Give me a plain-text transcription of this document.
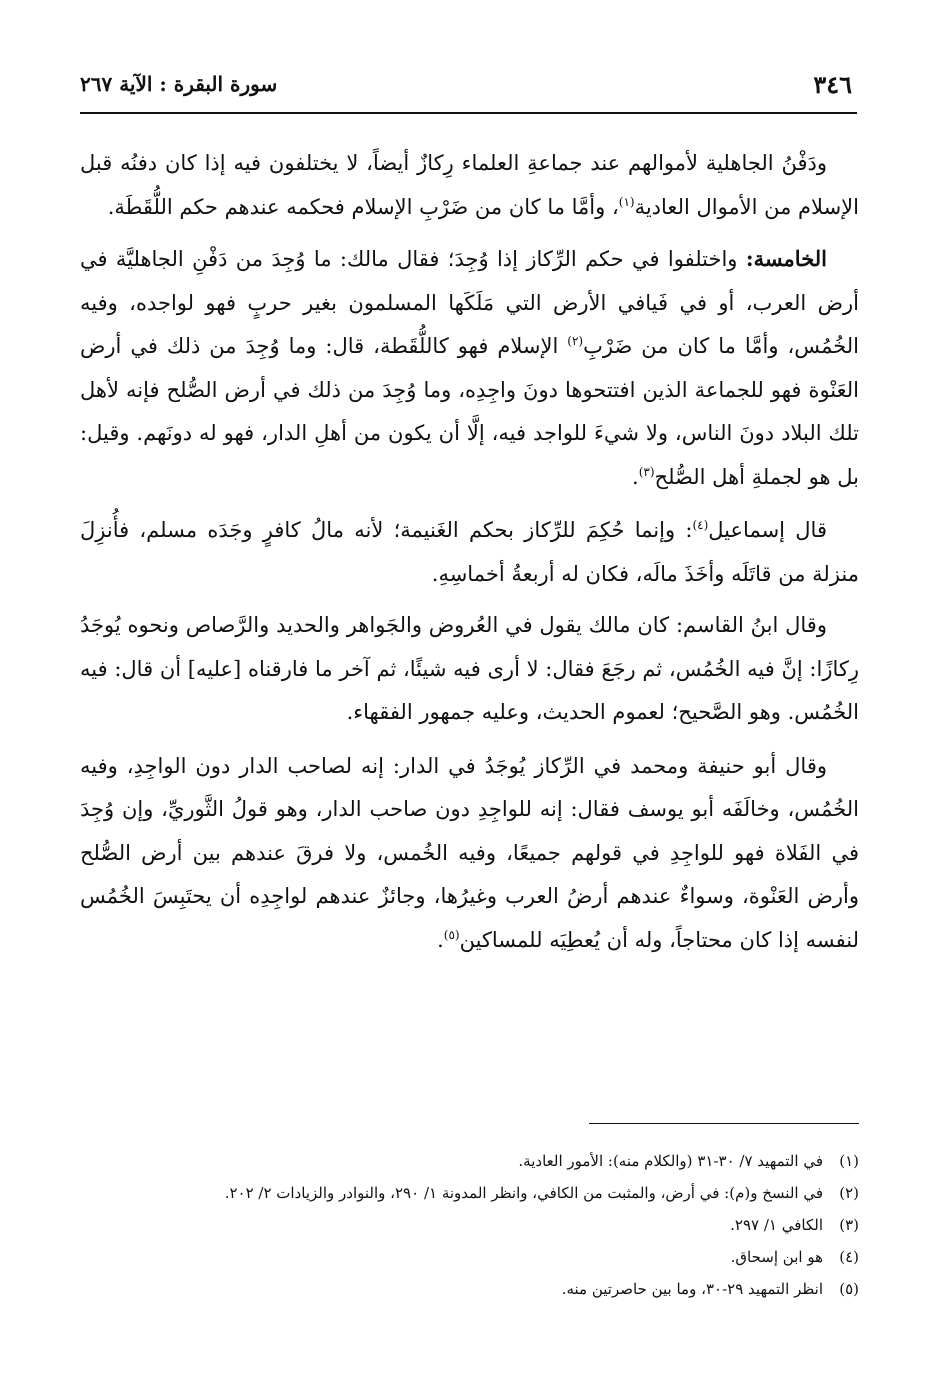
٣٤٦
سورة البقرة : الآية ٢٦٧

ودَفْنُ الجاهلية لأموالهم عند جماعةِ العلماء رِكازٌ أيضاً، لا يختلفون فيه إذا كان دفنُه قبل الإسلام من الأموال العادية$^{(١)}$، وأمَّا ما كان من ضَرْبِ الإسلام فحكمه عندهم حكم اللُّقَطَة.

الخامسة: واختلفوا في حكم الرِّكاز إذا وُجِدَ؛ فقال مالك: ما وُجِدَ من دَفْنِ الجاهليَّة في أرض العرب، أو في فَيافي الأرض التي مَلَكَها المسلمون بغير حربٍ فهو لواجده، وفيه الخُمُس، وأمَّا ما كان من ضَرْبِ$^{(٢)}$ الإسلام فهو كاللُّقَطة، قال: وما وُجِدَ من ذلك في أرض العَنْوة فهو للجماعة الذين افتتحوها دونَ واجِدِه، وما وُجِدَ من ذلك في أرض الصُّلح فإنه لأهل تلك البلاد دونَ الناس، ولا شيءَ للواجد فيه، إلَّا أن يكون من أهلِ الدار، فهو له دونَهم. وقيل: بل هو لجملةِ أهل الصُّلح$^{(٣)}$.

قال إسماعيل$^{(٤)}$: وإنما حُكِمَ للرِّكاز بحكم الغَنيمة؛ لأنه مالُ كافرٍ وجَدَه مسلم، فأُنزِلَ منزلة من قاتَلَه وأخَذَ مالَه، فكان له أربعةُ أخماسِهِ.

وقال ابنُ القاسم: كان مالك يقول في العُروض والجَواهر والحديد والرَّصاص ونحوه يُوجَدُ رِكازًا: إنَّ فيه الخُمُس، ثم رجَعَ فقال: لا أرى فيه شيئًا، ثم آخر ما فارقناه [عليه] أن قال: فيه الخُمُس. وهو الصَّحيح؛ لعموم الحديث، وعليه جمهور الفقهاء.

وقال أبو حنيفة ومحمد في الرِّكاز يُوجَدُ في الدار: إنه لصاحب الدار دون الواجِدِ، وفيه الخُمُس، وخالَفَه أبو يوسف فقال: إنه للواجِدِ دون صاحب الدار، وهو قولُ الثَّوريِّ، وإن وُجِدَ في الفَلاة فهو للواجِدِ في قولهم جميعًا، وفيه الخُمس، ولا فرقَ عندهم بين أرض الصُّلح وأرض العَنْوة، وسواءٌ عندهم أرضُ العرب وغيرُها، وجائزٌ عندهم لواجِدِه أن يحتَبِسَ الخُمُس لنفسه إذا كان محتاجاً، وله أن يُعطِيَه للمساكين$^{(٥)}$.

(١)
في التمهيد ٧/ ٣٠-٣١ (والكلام منه): الأمور العادية.
(٢)
في النسخ و(م): في أرض، والمثبت من الكافي، وانظر المدونة ١/ ٢٩٠، والنوادر والزيادات ٢/ ٢٠٢.
(٣)
الكافي ١/ ٢٩٧.
(٤)
هو ابن إسحاق.
(٥)
انظر التمهيد ٢٩-٣٠، وما بين حاصرتين منه.
